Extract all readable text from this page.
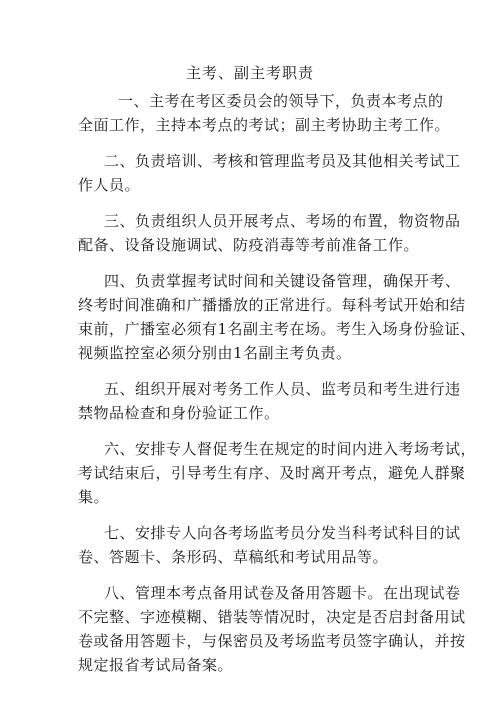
主考、副主考职责
一、主考在考区委员会的领导下，负责本考点的
全面工作，主持本考点的考试；副主考协助主考工作。
二、负责培训、考核和管理监考员及其他相关考试工
作人员。
三、负责组织人员开展考点、考场的布置，物资物品
配备、设备设施调试、防疫消毒等考前准备工作。
四、负责掌握考试时间和关键设备管理，确保开考、
终考时间准确和广播播放的正常进行。每科考试开始和结
束前，广播室必须有1名副主考在场。考生入场身份验证、
视频监控室必须分别由1名副主考负责。
五、组织开展对考务工作人员、监考员和考生进行违
禁物品检查和身份验证工作。
六、安排专人督促考生在规定的时间内进入考场考试，
考试结束后，引导考生有序、及时离开考点，避免人群聚
集。
七、安排专人向各考场监考员分发当科考试科目的试
卷、答题卡、条形码、草稿纸和考试用品等。
八、管理本考点备用试卷及备用答题卡。在出现试卷
不完整、字迹模糊、错装等情况时，决定是否启封备用试
卷或备用答题卡，与保密员及考场监考员签字确认，并按
规定报省考试局备案。
